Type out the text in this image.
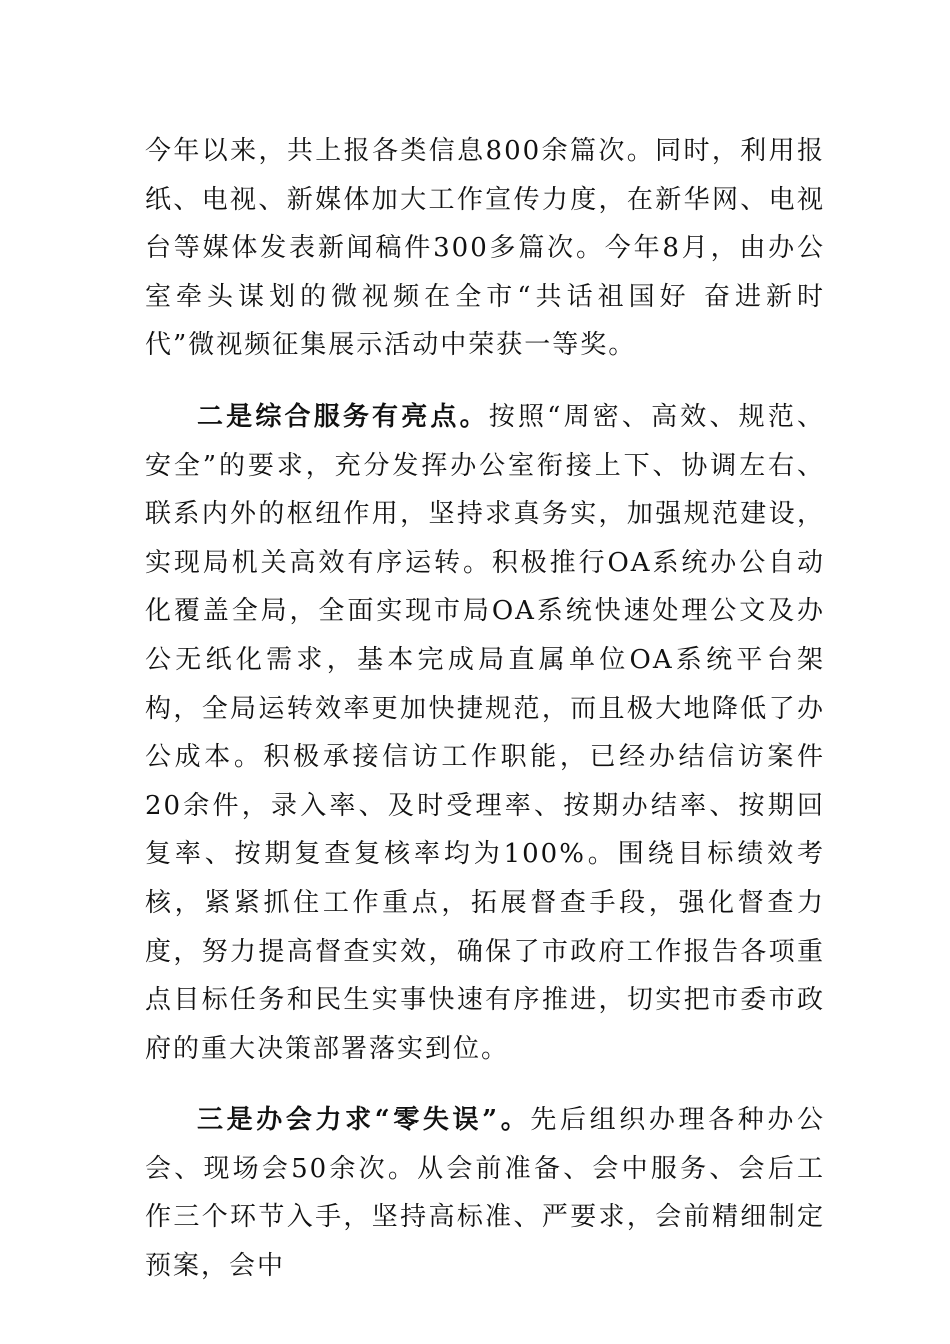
今年以来，共上报各类信息800余篇次。同时，利用报纸、电视、新媒体加大工作宣传力度，在新华网、电视台等媒体发表新闻稿件300多篇次。今年8月，由办公室牵头谋划的微视频在全市“共话祖国好 奋进新时代”微视频征集展示活动中荣获一等奖。

二是综合服务有亮点。按照“周密、高效、规范、安全”的要求，充分发挥办公室衔接上下、协调左右、联系内外的枢纽作用，坚持求真务实，加强规范建设，实现局机关高效有序运转。积极推行OA系统办公自动化覆盖全局，全面实现市局OA系统快速处理公文及办公无纸化需求，基本完成局直属单位OA系统平台架构，全局运转效率更加快捷规范，而且极大地降低了办公成本。积极承接信访工作职能，已经办结信访案件20余件，录入率、及时受理率、按期办结率、按期回复率、按期复查复核率均为100%。围绕目标绩效考核，紧紧抓住工作重点，拓展督查手段，强化督查力度，努力提高督查实效，确保了市政府工作报告各项重点目标任务和民生实事快速有序推进，切实把市委市政府的重大决策部署落实到位。

三是办会力求“零失误”。先后组织办理各种办公会、现场会50余次。从会前准备、会中服务、会后工作三个环节入手，坚持高标准、严要求，会前精细制定预案，会中
